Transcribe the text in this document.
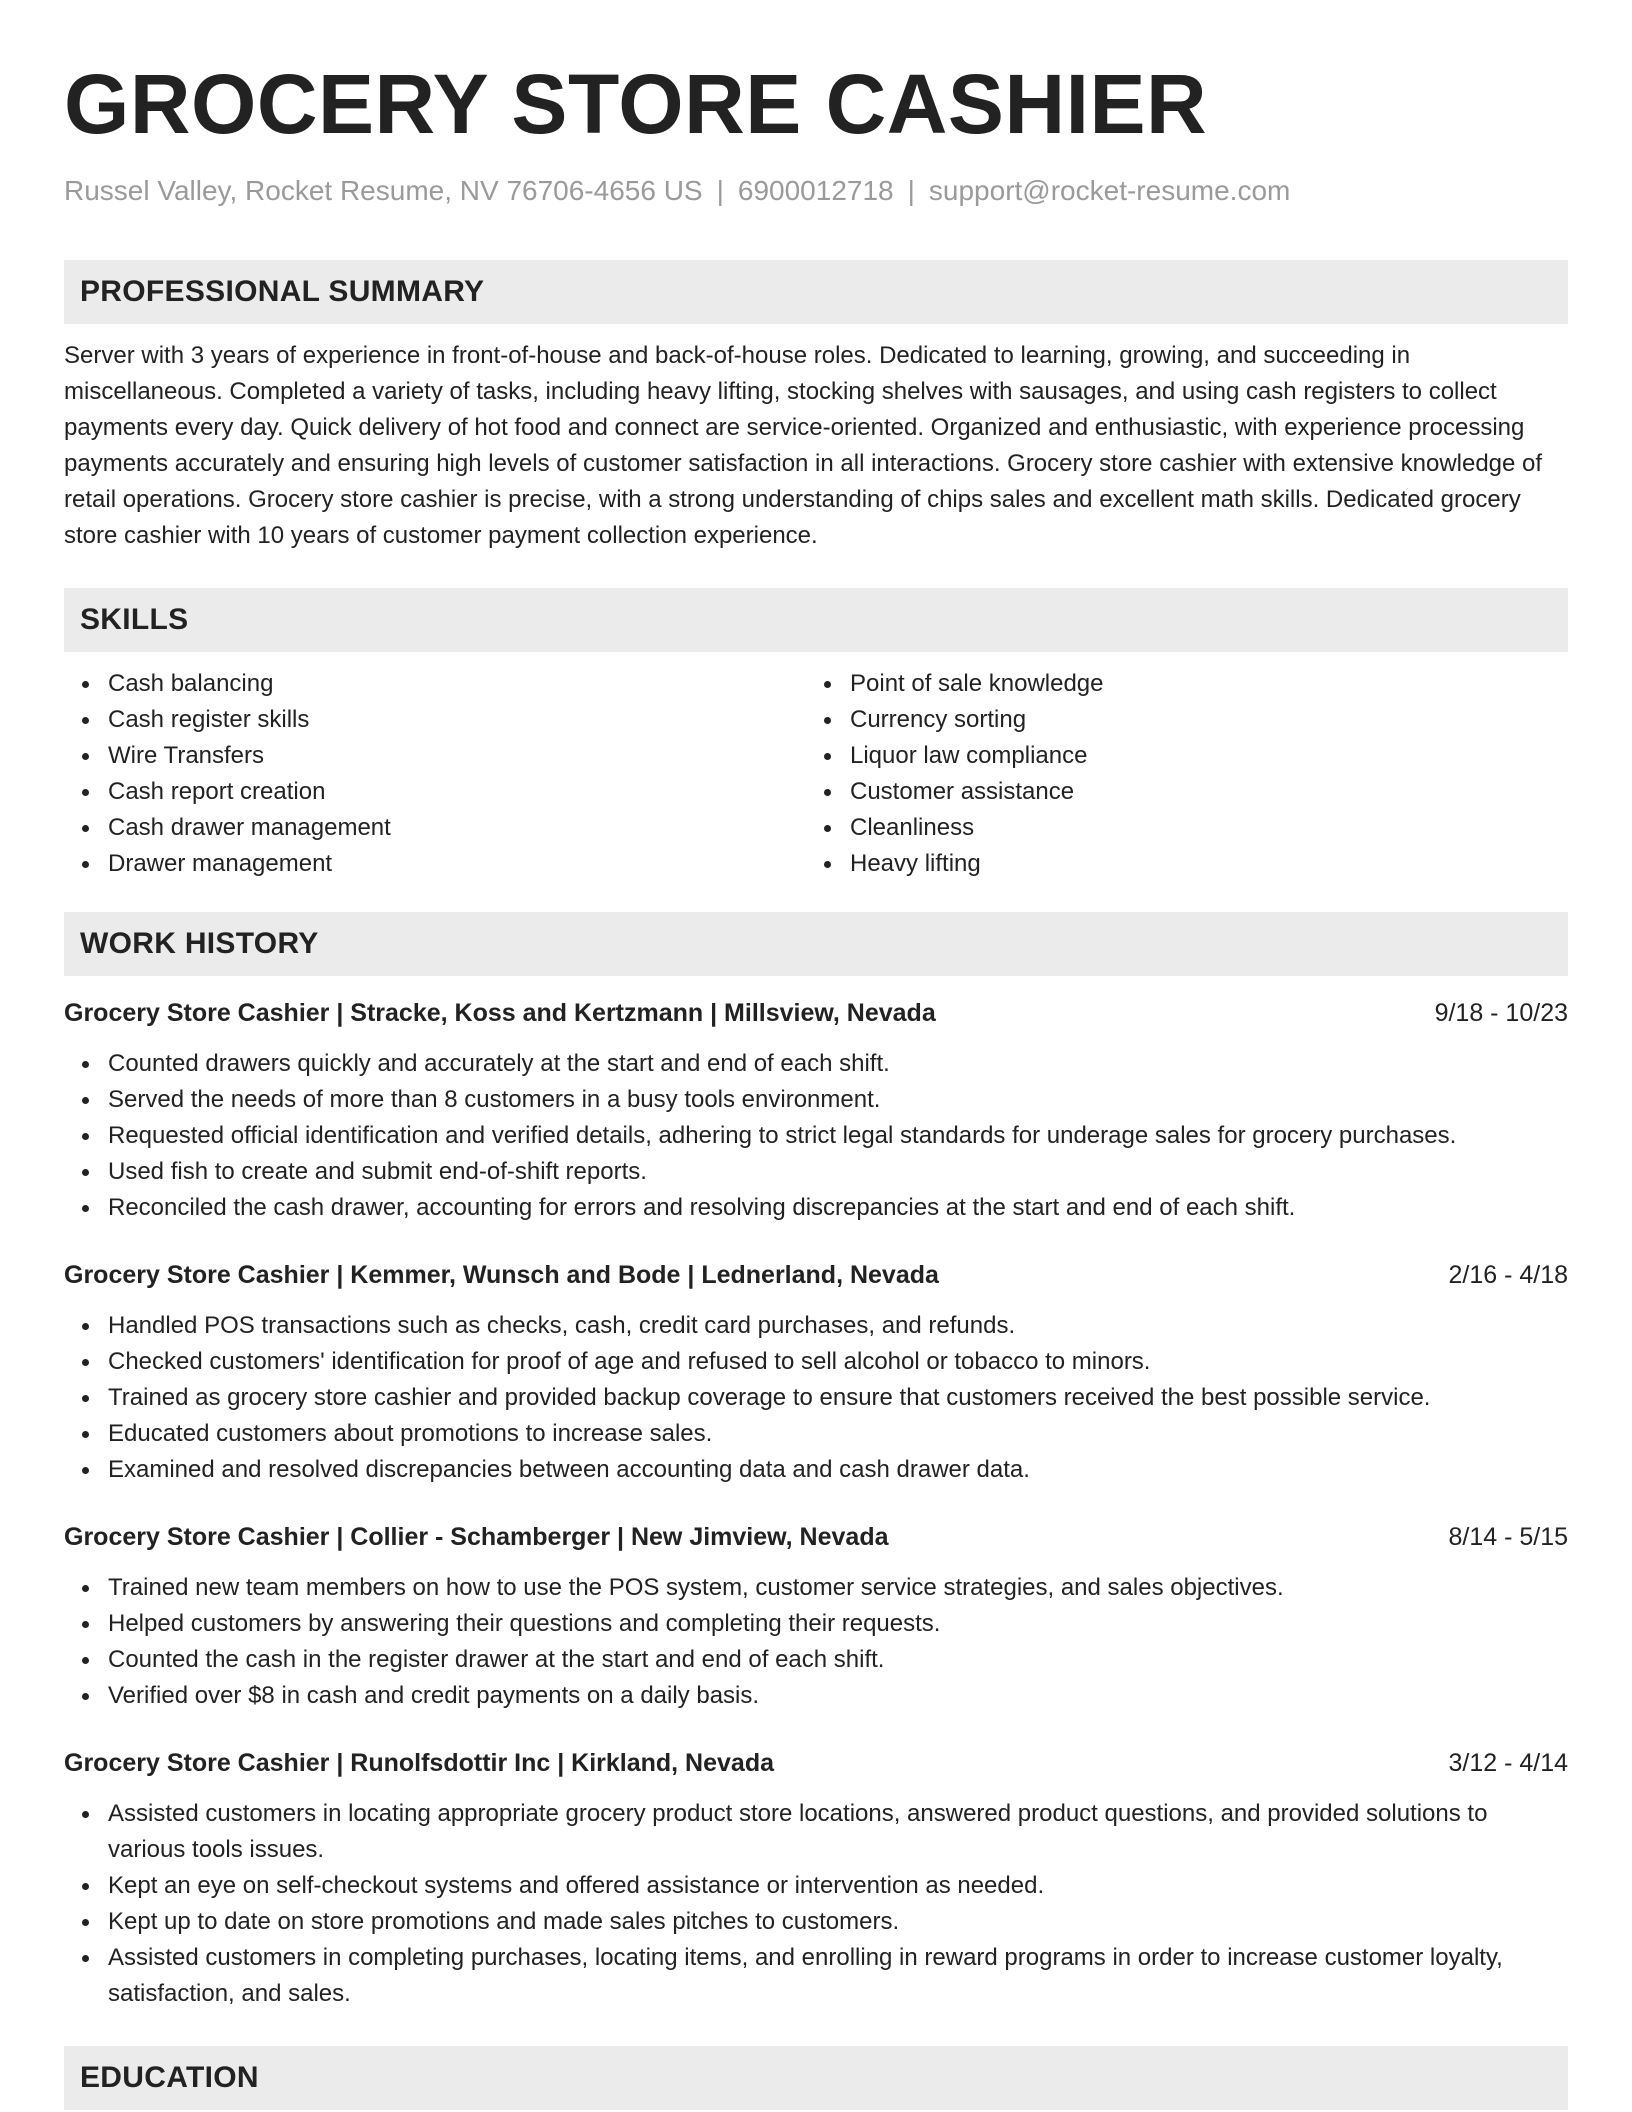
GROCERY STORE CASHIER
Russel Valley, Rocket Resume, NV 76706-4656 US | 6900012718 | support@rocket-resume.com
PROFESSIONAL SUMMARY
Server with 3 years of experience in front-of-house and back-of-house roles. Dedicated to learning, growing, and succeeding in miscellaneous. Completed a variety of tasks, including heavy lifting, stocking shelves with sausages, and using cash registers to collect payments every day. Quick delivery of hot food and connect are service-oriented. Organized and enthusiastic, with experience processing payments accurately and ensuring high levels of customer satisfaction in all interactions. Grocery store cashier with extensive knowledge of retail operations. Grocery store cashier is precise, with a strong understanding of chips sales and excellent math skills. Dedicated grocery store cashier with 10 years of customer payment collection experience.
SKILLS
Cash balancing
Cash register skills
Wire Transfers
Cash report creation
Cash drawer management
Drawer management
Point of sale knowledge
Currency sorting
Liquor law compliance
Customer assistance
Cleanliness
Heavy lifting
WORK HISTORY
Grocery Store Cashier | Stracke, Koss and Kertzmann | Millsview, Nevada	9/18 - 10/23
Counted drawers quickly and accurately at the start and end of each shift.
Served the needs of more than 8 customers in a busy tools environment.
Requested official identification and verified details, adhering to strict legal standards for underage sales for grocery purchases.
Used fish to create and submit end-of-shift reports.
Reconciled the cash drawer, accounting for errors and resolving discrepancies at the start and end of each shift.
Grocery Store Cashier | Kemmer, Wunsch and Bode | Lednerland, Nevada	2/16 - 4/18
Handled POS transactions such as checks, cash, credit card purchases, and refunds.
Checked customers' identification for proof of age and refused to sell alcohol or tobacco to minors.
Trained as grocery store cashier and provided backup coverage to ensure that customers received the best possible service.
Educated customers about promotions to increase sales.
Examined and resolved discrepancies between accounting data and cash drawer data.
Grocery Store Cashier | Collier - Schamberger | New Jimview, Nevada	8/14 - 5/15
Trained new team members on how to use the POS system, customer service strategies, and sales objectives.
Helped customers by answering their questions and completing their requests.
Counted the cash in the register drawer at the start and end of each shift.
Verified over $8 in cash and credit payments on a daily basis.
Grocery Store Cashier | Runolfsdottir Inc | Kirkland, Nevada	3/12 - 4/14
Assisted customers in locating appropriate grocery product store locations, answered product questions, and provided solutions to various tools issues.
Kept an eye on self-checkout systems and offered assistance or intervention as needed.
Kept up to date on store promotions and made sales pitches to customers.
Assisted customers in completing purchases, locating items, and enrolling in reward programs in order to increase customer loyalty, satisfaction, and sales.
EDUCATION
